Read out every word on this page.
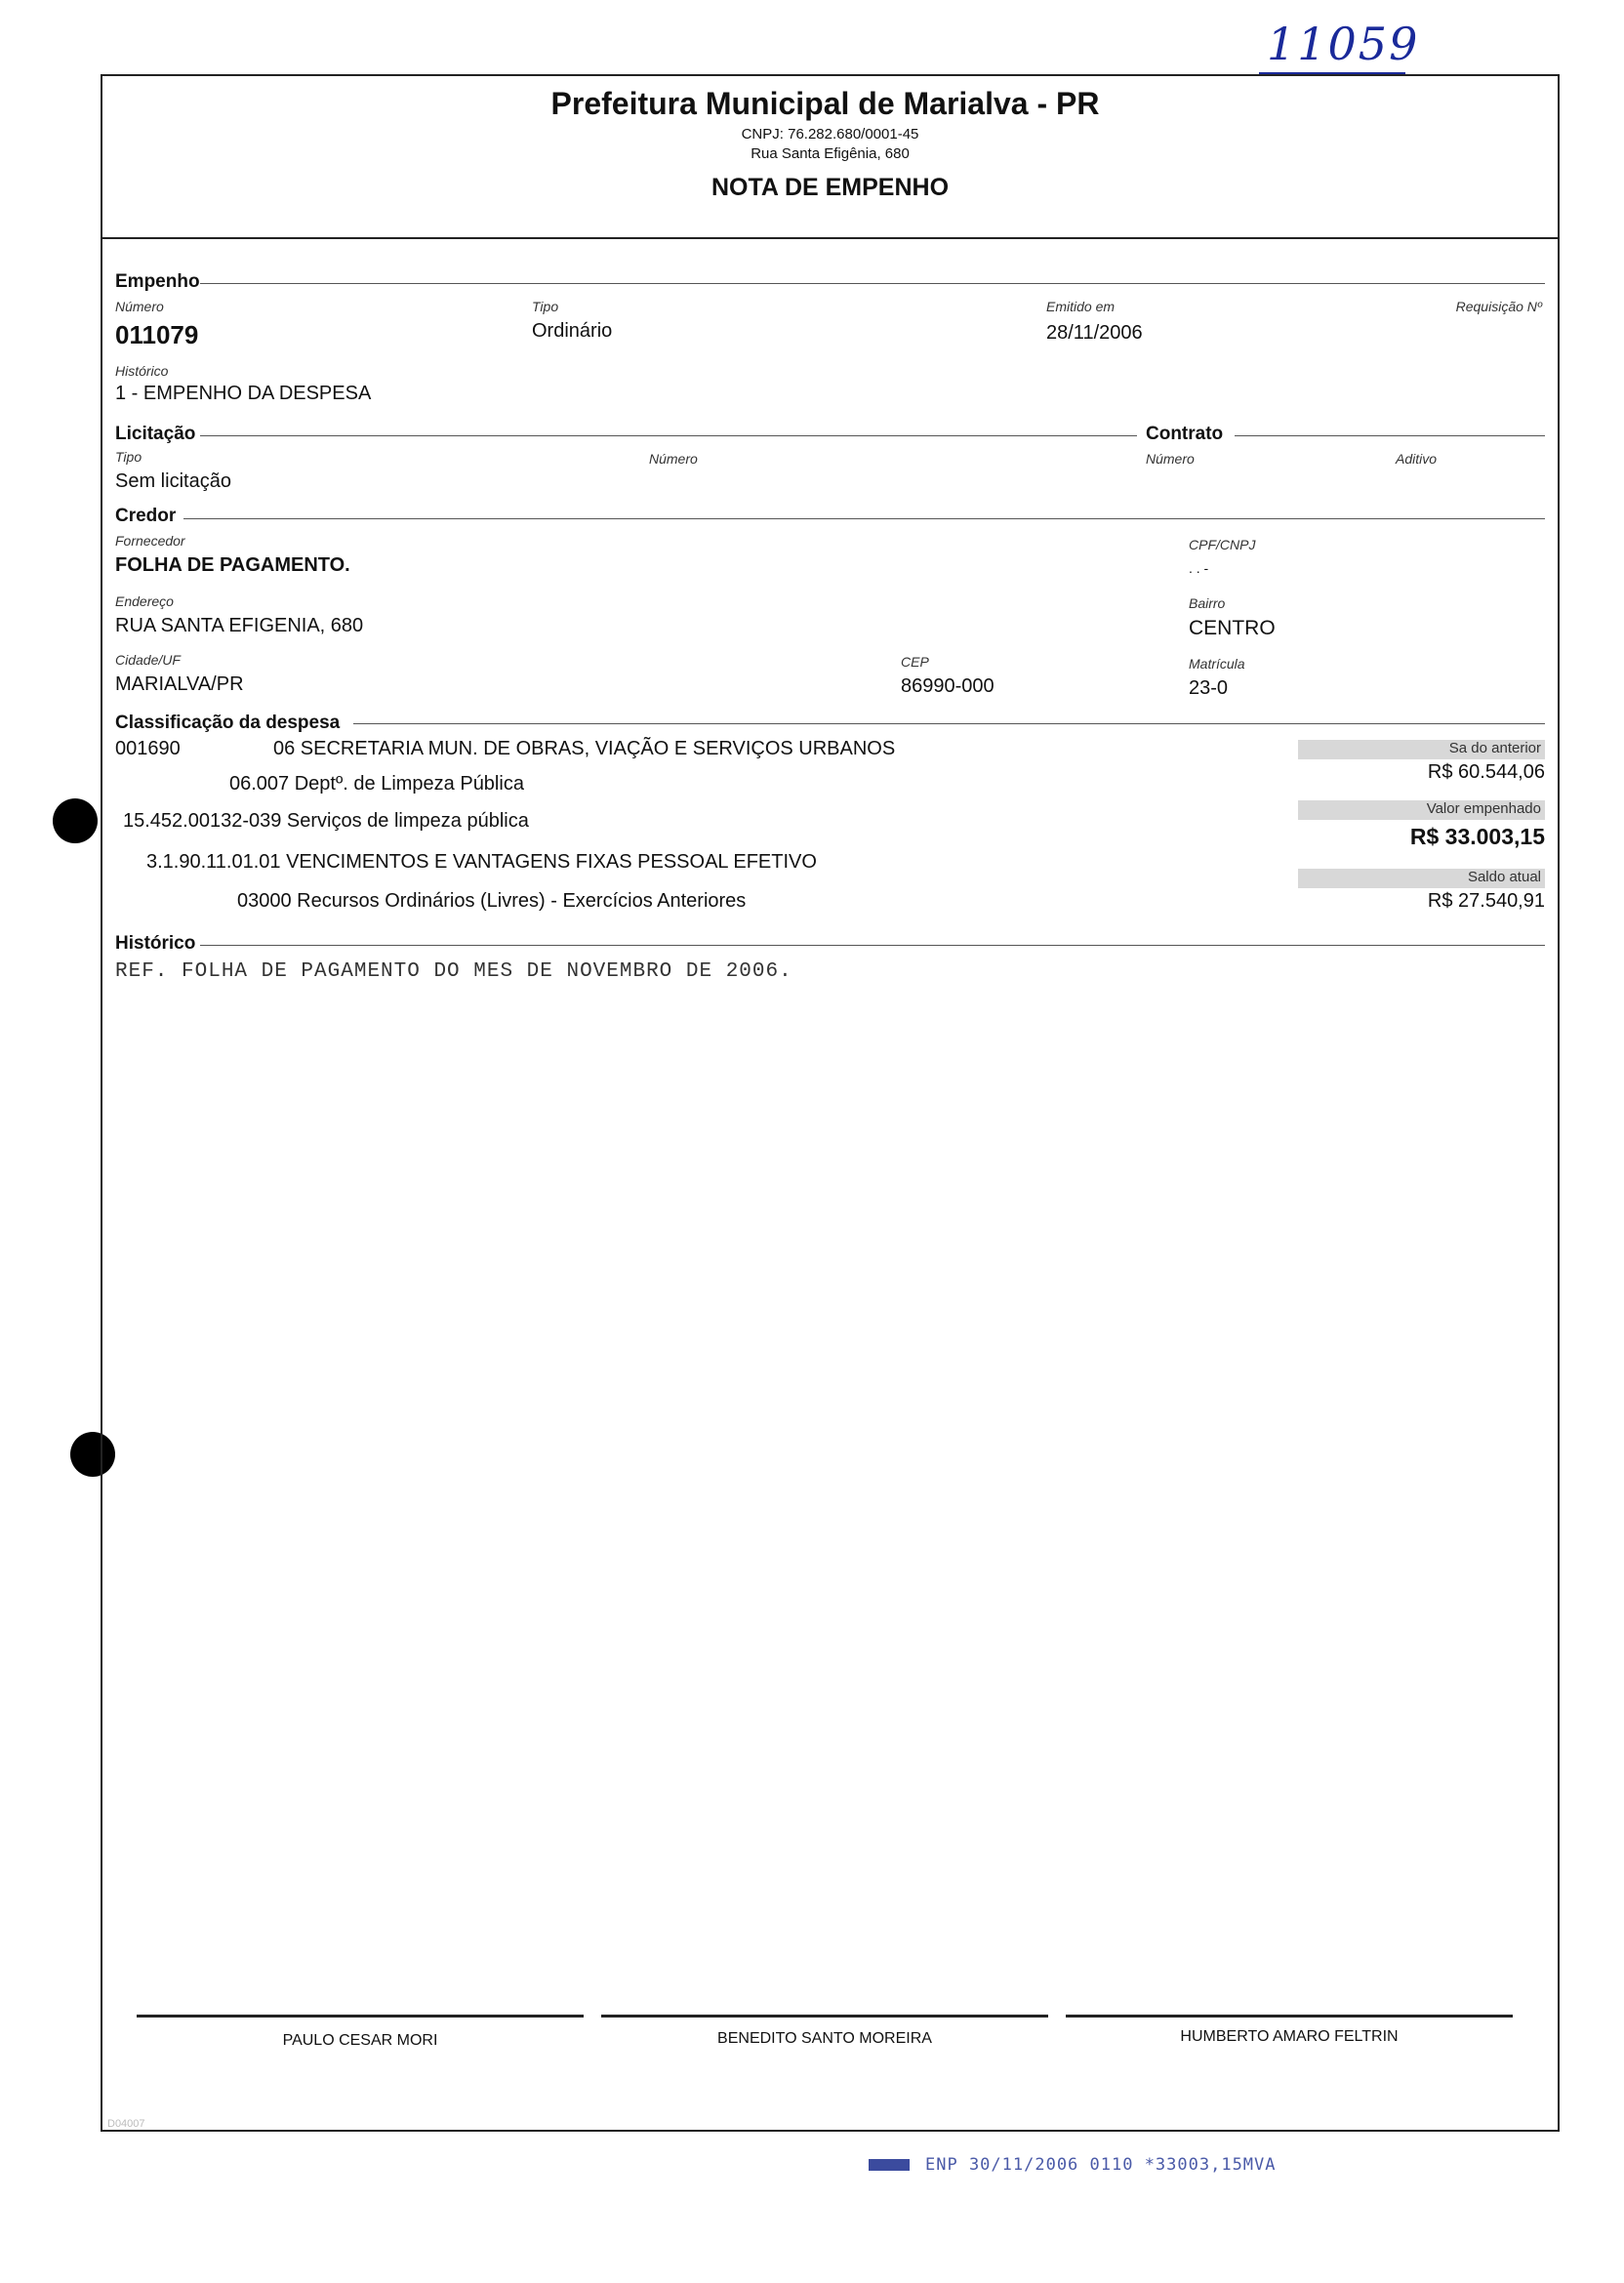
11059
Prefeitura Municipal de Marialva - PR
CNPJ: 76.282.680/0001-45
Rua Santa Efigênia, 680
NOTA DE EMPENHO
Empenho
Número
011079
Tipo
Ordinário
Emitido em
28/11/2006
Requisição Nº
Histórico
1 - EMPENHO DA DESPESA
Licitação	Contrato
Tipo
Sem licitação
Número	Número	Aditivo
Credor
Fornecedor
FOLHA DE PAGAMENTO.
CPF/CNPJ
. . -
Endereço
RUA SANTA EFIGENIA, 680
Bairro
CENTRO
Cidade/UF
MARIALVA/PR
CEP
86990-000
Matrícula
23-0
Classificação da despesa
001690	06 SECRETARIA MUN. DE OBRAS, VIAÇÃO E SERVIÇOS URBANOS
06.007 Deptº. de Limpeza Pública
15.452.00132-039 Serviços de limpeza pública
3.1.90.11.01.01 VENCIMENTOS E VANTAGENS FIXAS PESSOAL EFETIVO
03000 Recursos Ordinários (Livres) - Exercícios Anteriores
Sa do anterior
R$ 60.544,06
Valor empenhado
R$ 33.003,15
Saldo atual
R$ 27.540,91
Histórico
REF. FOLHA DE PAGAMENTO DO MES DE NOVEMBRO DE 2006.
PAULO CESAR MORI	BENEDITO SANTO MOREIRA	HUMBERTO AMARO FELTRIN
D04007
ENP 30/11/2006 0110 *33003,15MVA
